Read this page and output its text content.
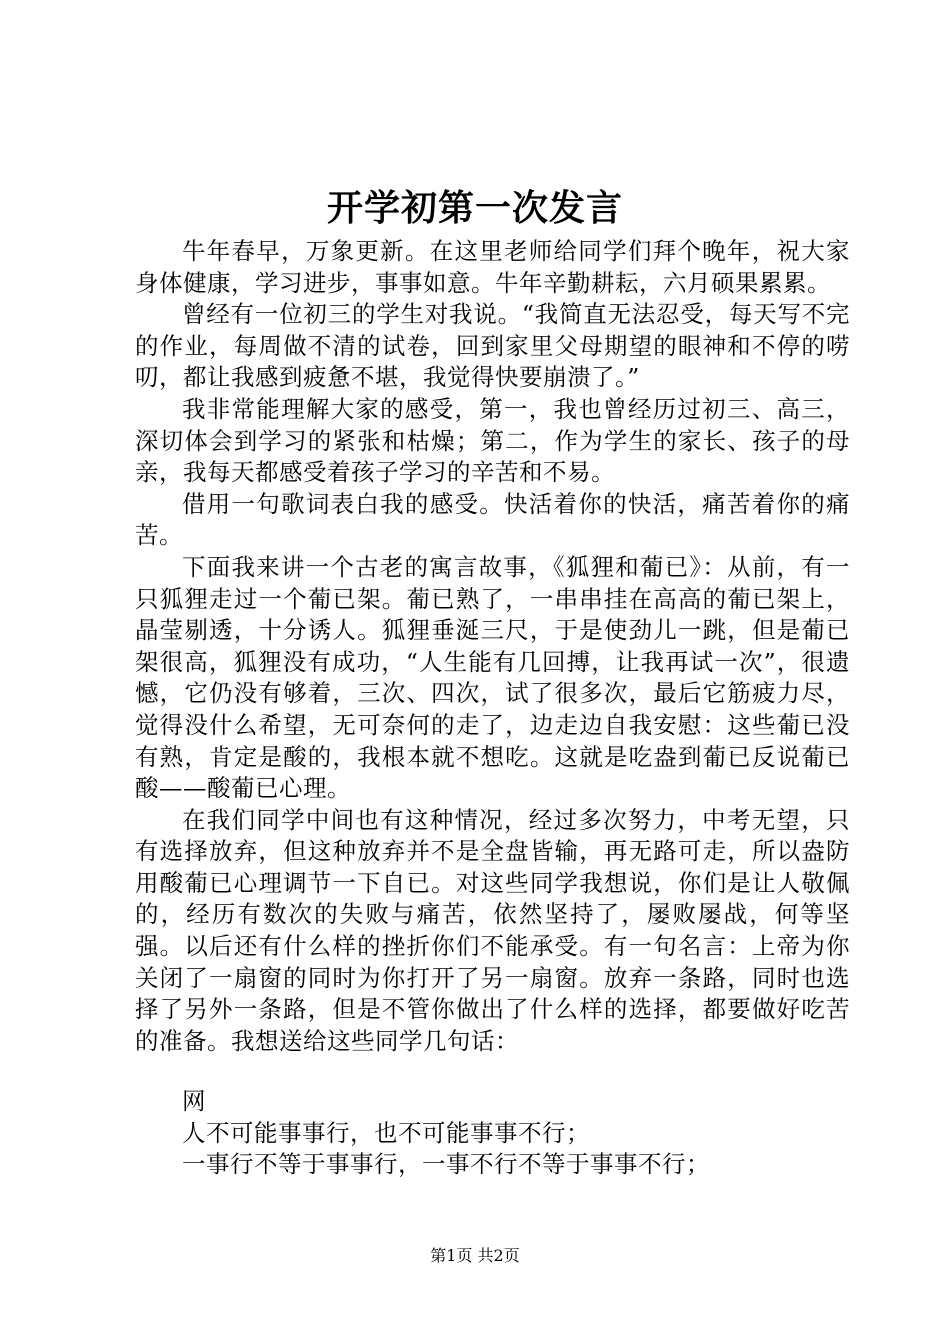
开学初第一次发言

牛年春早，万象更新。在这里老师给同学们拜个晚年，祝大家身体健康，学习进步，事事如意。牛年辛勤耕耘，六月硕果累累。

曾经有一位初三的学生对我说。“我简直无法忍受，每天写不完的作业，每周做不清的试卷，回到家里父母期望的眼神和不停的唠叨，都让我感到疲惫不堪，我觉得快要崩溃了。”

我非常能理解大家的感受，第一，我也曾经历过初三、高三，深切体会到学习的紧张和枯燥；第二，作为学生的家长、孩子的母亲，我每天都感受着孩子学习的辛苦和不易。

借用一句歌词表白我的感受。快活着你的快活，痛苦着你的痛苦。

下面我来讲一个古老的寓言故事，《狐狸和葡已》：从前，有一只狐狸走过一个葡已架。葡已熟了，一串串挂在高高的葡已架上，晶莹剔透，十分诱人。狐狸垂涎三尺，于是使劲儿一跳，但是葡已架很高，狐狸没有成功，“人生能有几回搏，让我再试一次”，很遗憾，它仍没有够着，三次、四次，试了很多次，最后它筋疲力尽，觉得没什么希望，无可奈何的走了，边走边自我安慰：这些葡已没有熟，肯定是酸的，我根本就不想吃。这就是吃盎到葡已反说葡已酸——酸葡已心理。

在我们同学中间也有这种情况，经过多次努力，中考无望，只有选择放弃，但这种放弃并不是全盘皆输，再无路可走，所以盎防用酸葡已心理调节一下自已。对这些同学我想说，你们是让人敬佩的，经历有数次的失败与痛苦，依然坚持了，屡败屡战，何等坚强。以后还有什么样的挫折你们不能承受。有一句名言：上帝为你关闭了一扇窗的同时为你打开了另一扇窗。放弃一条路，同时也选择了另外一条路，但是不管你做出了什么样的选择，都要做好吃苦的准备。我想送给这些同学几句话：

网
人不可能事事行，也不可能事事不行；
一事行不等于事事行，一事不行不等于事事不行；
第1页 共2页
